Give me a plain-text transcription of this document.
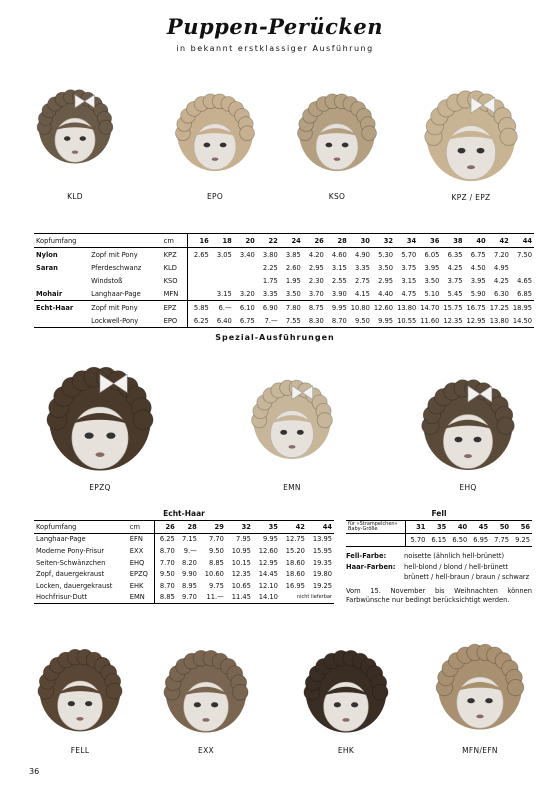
Puppen-Perücken
in bekannt erstklassiger Ausführung
KLD	EPO	KSO	KPZ / EPZ
Kopfumfang		cm	16	18	20	22	24	26	28	30	32	34	36	38	40	42	44
Nylon	Zopf mit Pony	KPZ	2.65	3.05	3.40	3.80	3.85	4.20	4.60	4.90	5.30	5.70	6.05	6.35	6.75	7.20	7.50
Saran	Pferdeschwanz	KLD				2.25	2.60	2.95	3.15	3.35	3.50	3.75	3.95	4.25	4.50	4.95	
	Windstoß	KSO				1.75	1.95	2.30	2.55	2.75	2.95	3.15	3.50	3.75	3.95	4.25	4.65
Mohair	Langhaar-Page	MFN		3.15	3.20	3.35	3.50	3.70	3.90	4.15	4.40	4.75	5.10	5.45	5.90	6.30	6.85
Echt-Haar	Zopf mit Pony	EPZ	5.85	6.—	6.10	6.90	7.80	8.75	9.95	10.80	12.60	13.80	14.70	15.75	16.75	17.25	18.95
	Lockwell-Pony	EPO	6.25	6.40	6.75	7.—	7.55	8.30	8.70	9.50	9.95	10.55	11.60	12.35	12.95	13.80	14.50
Spezial-Ausführungen
EPZQ	EMN	EHQ
Echt-Haar
Kopfumfang	cm	26	28	29	32	35	42	44
Langhaar-Page	EFN	6.25	7.15	7.70	7.95	9.95	12.75	13.95
Moderne Pony-Frisur	EXX	8.70	9.—	9.50	10.95	12.60	15.20	15.95
Seiten-Schwänzchen	EHQ	7.70	8.20	8.85	10.15	12.95	18.60	19.35
Zopf, dauergekraust	EPZQ	9.50	9.90	10.60	12.35	14.45	18.60	19.80
Locken, dauergekraust	EHK	8.70	8.95	9.75	10.65	12.10	16.95	19.25
Hochfrisur-Dutt	EMN	8.85	9.70	11.—	11.45	14.10	nicht lieferbar	
Fell
für »Strampelchen«
Baby-Größe	31	35	40	45	50	56
	5.70	6.15	6.50	6.95	7.75	9.25
Fell-Farbe:	noisette (ähnlich hell-brünett)
Haar-Farben: hell-blond / blond / hell-brünett
brünett / hell-braun / braun / schwarz
Vom 15. November bis Weihnachten können Farbwünsche nur bedingt berücksichtigt werden.
FELL	EXX	EHK	MFN/EFN
36
